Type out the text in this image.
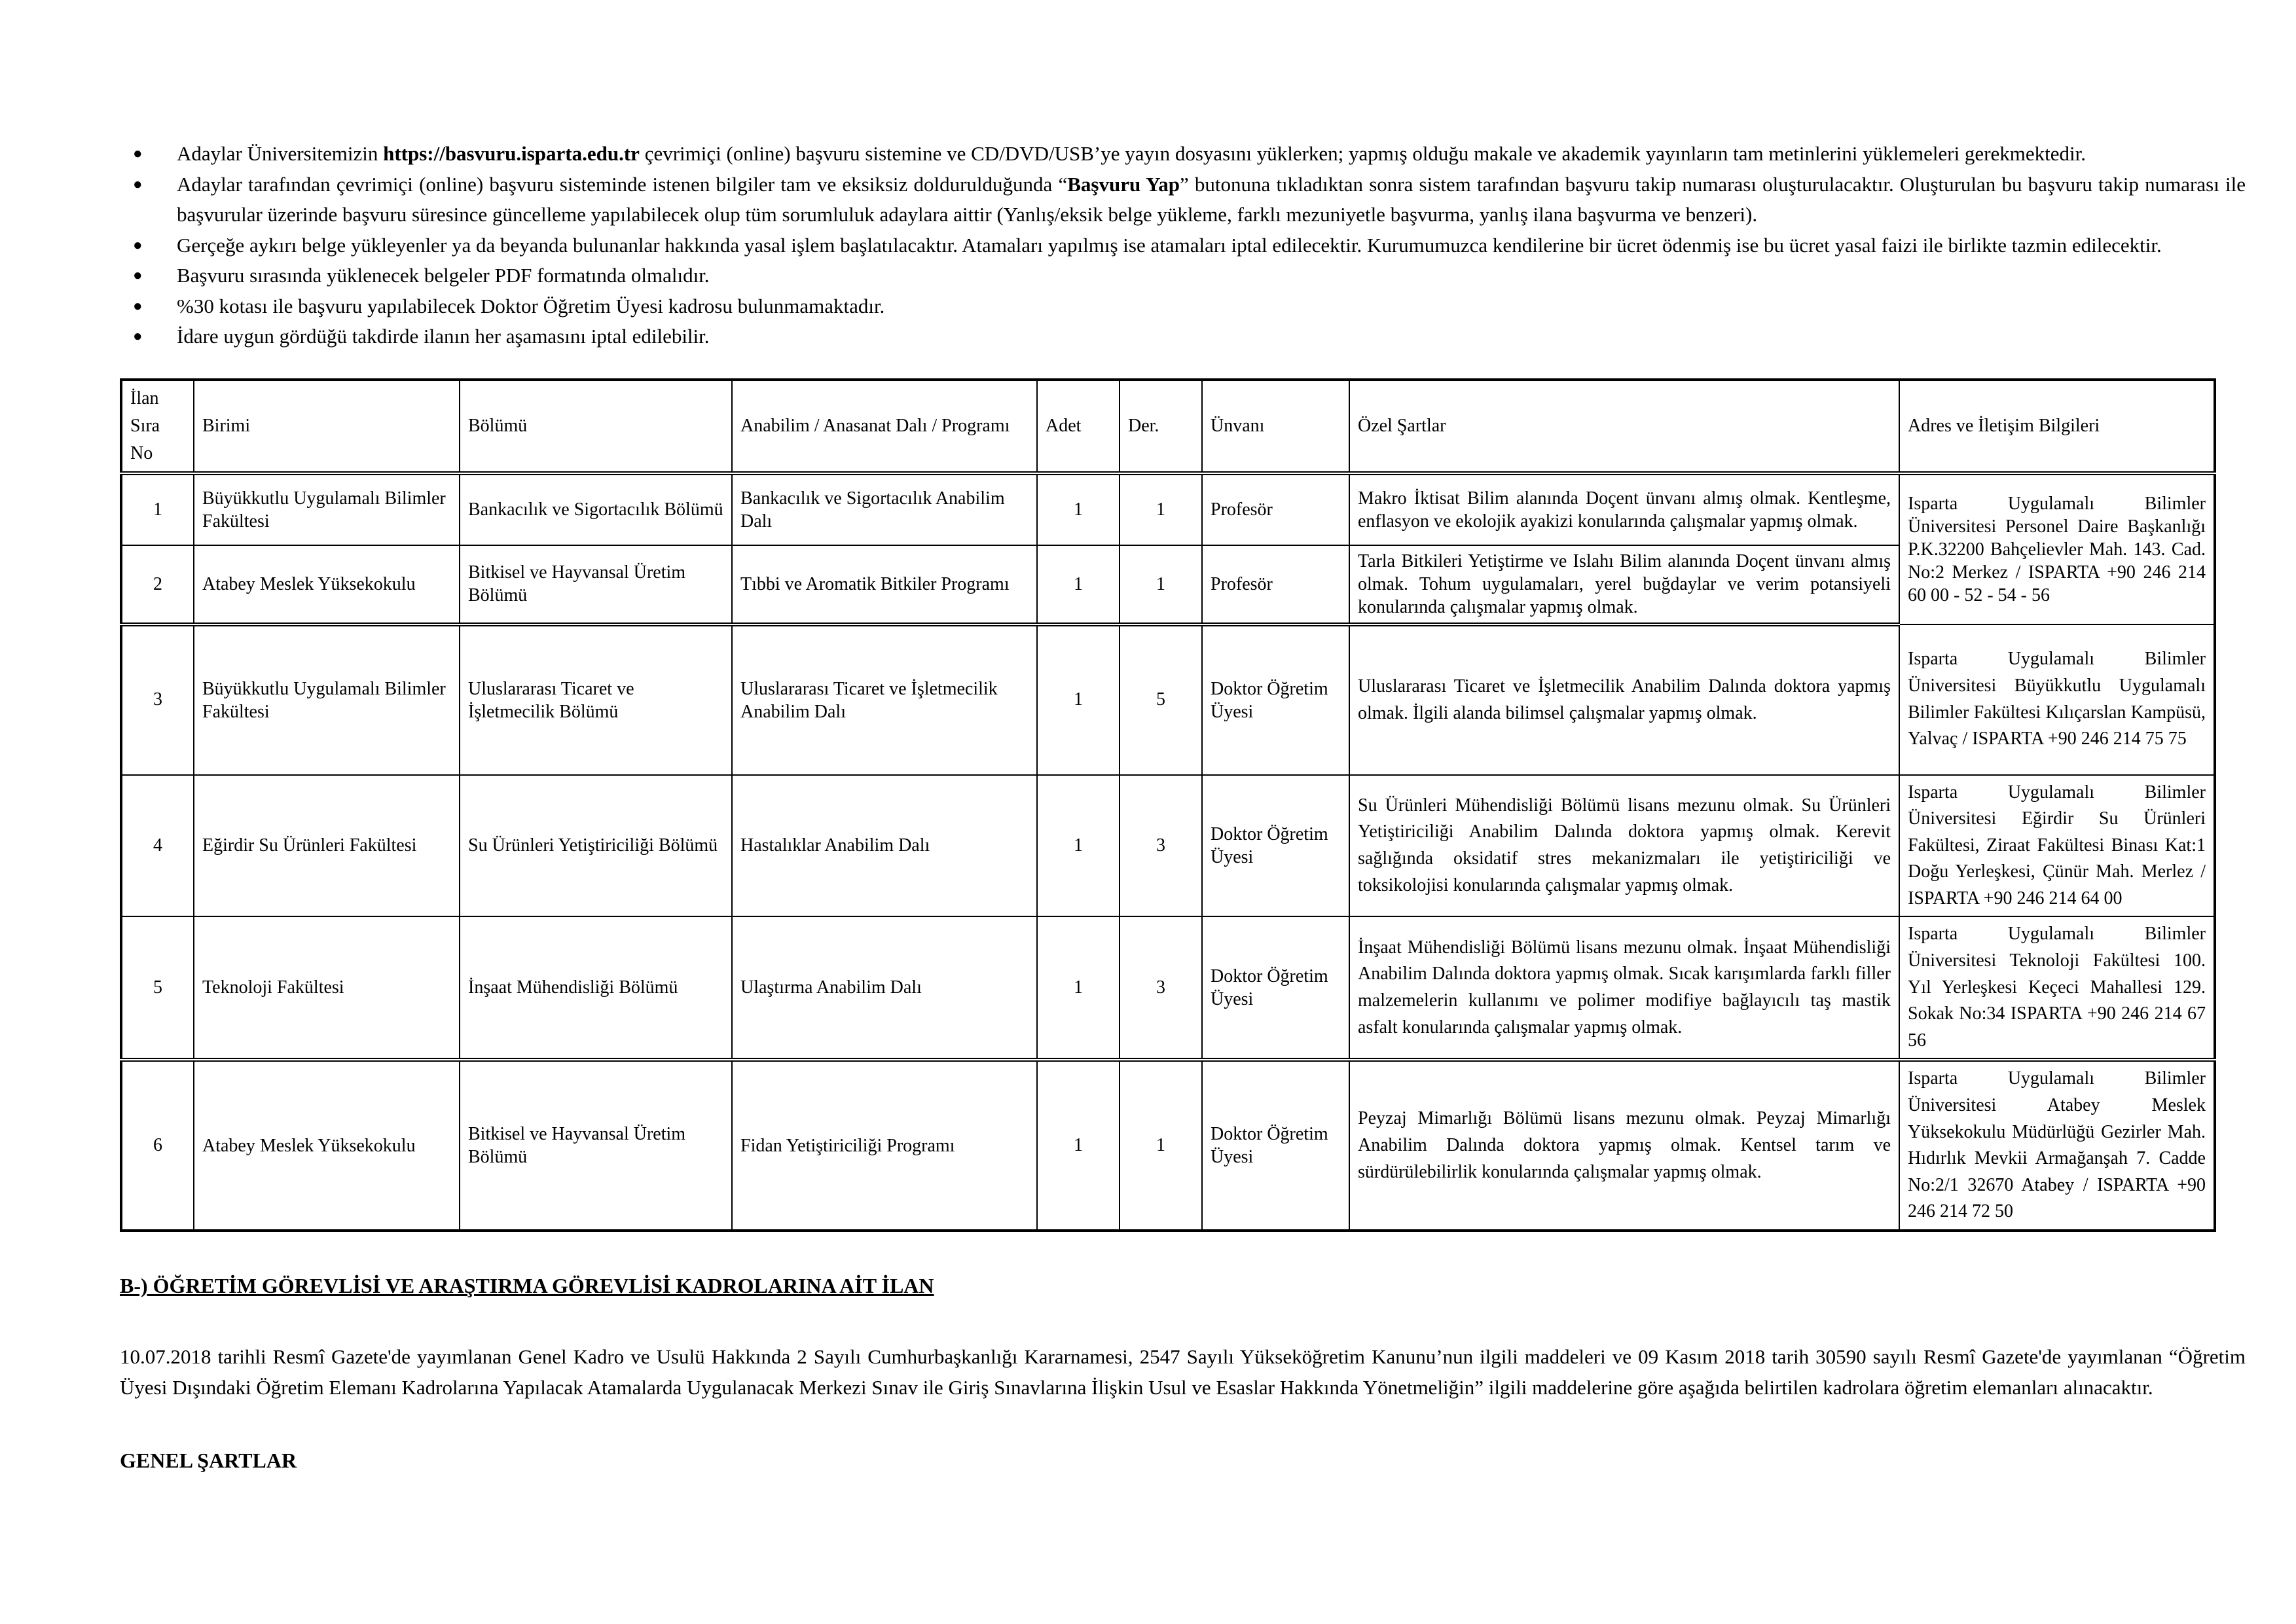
●	Adaylar Üniversitemizin https://basvuru.isparta.edu.tr çevrimiçi (online) başvuru sistemine ve CD/DVD/USB’ye yayın dosyasını yüklerken; yapmış olduğu makale ve akademik yayınların tam metinlerini yüklemeleri gerekmektedir.
●	Adaylar tarafından çevrimiçi (online) başvuru sisteminde istenen bilgiler tam ve eksiksiz doldurulduğunda “Başvuru Yap” butonuna tıkladıktan sonra sistem tarafından başvuru takip numarası oluşturulacaktır. Oluşturulan bu başvuru takip numarası ile başvurular üzerinde başvuru süresince güncelleme yapılabilecek olup tüm sorumluluk adaylara aittir (Yanlış/eksik belge yükleme, farklı mezuniyetle başvurma, yanlış ilana başvurma ve benzeri).
●	Gerçeğe aykırı belge yükleyenler ya da beyanda bulunanlar hakkında yasal işlem başlatılacaktır. Atamaları yapılmış ise atamaları iptal edilecektir. Kurumumuzca kendilerine bir ücret ödenmiş ise bu ücret yasal faizi ile birlikte tazmin edilecektir.
●	Başvuru sırasında yüklenecek belgeler PDF formatında olmalıdır.
●	%30 kotası ile başvuru yapılabilecek Doktor Öğretim Üyesi kadrosu bulunmamaktadır.
●	İdare uygun gördüğü takdirde ilanın her aşamasını iptal edilebilir.
İlan Sıra No	Birimi	Bölümü	Anabilim / Anasanat Dalı / Programı	Adet	Der.	Ünvanı	Özel Şartlar	Adres ve İletişim Bilgileri
1	Büyükkutlu Uygulamalı Bilimler Fakültesi	Bankacılık ve Sigortacılık Bölümü	Bankacılık ve Sigortacılık Anabilim Dalı	1	1	Profesör	Makro İktisat Bilim alanında Doçent ünvanı almış olmak. Kentleşme, enflasyon ve ekolojik ayakizi konularında çalışmalar yapmış olmak.	Isparta Uygulamalı Bilimler Üniversitesi Personel Daire Başkanlığı P.K.32200 Bahçelievler Mah. 143. Cad. No:2 Merkez / ISPARTA +90 246 214 60 00 - 52 - 54 - 56
2	Atabey Meslek Yüksekokulu	Bitkisel ve Hayvansal Üretim Bölümü	Tıbbi ve Aromatik Bitkiler Programı	1	1	Profesör	Tarla Bitkileri Yetiştirme ve Islahı Bilim alanında Doçent ünvanı almış olmak. Tohum uygulamaları, yerel buğdaylar ve verim potansiyeli konularında çalışmalar yapmış olmak.	
3	Büyükkutlu Uygulamalı Bilimler Fakültesi	Uluslararası Ticaret ve İşletmecilik Bölümü	Uluslararası Ticaret ve İşletmecilik Anabilim Dalı	1	5	Doktor Öğretim Üyesi	Uluslararası Ticaret ve İşletmecilik Anabilim Dalında doktora yapmış olmak. İlgili alanda bilimsel çalışmalar yapmış olmak.	Isparta Uygulamalı Bilimler Üniversitesi Büyükkutlu Uygulamalı Bilimler Fakültesi Kılıçarslan Kampüsü, Yalvaç / ISPARTA +90 246 214 75 75
4	Eğirdir Su Ürünleri Fakültesi	Su Ürünleri Yetiştiriciliği Bölümü	Hastalıklar Anabilim Dalı	1	3	Doktor Öğretim Üyesi	Su Ürünleri Mühendisliği Bölümü lisans mezunu olmak. Su Ürünleri Yetiştiriciliği Anabilim Dalında doktora yapmış olmak. Kerevit sağlığında oksidatif stres mekanizmaları ile yetiştiriciliği ve toksikolojisi konularında çalışmalar yapmış olmak.	Isparta Uygulamalı Bilimler Üniversitesi Eğirdir Su Ürünleri Fakültesi, Ziraat Fakültesi Binası Kat:1 Doğu Yerleşkesi, Çünür Mah. Merlez / ISPARTA +90 246 214 64 00
5	Teknoloji Fakültesi	İnşaat Mühendisliği Bölümü	Ulaştırma Anabilim Dalı	1	3	Doktor Öğretim Üyesi	İnşaat Mühendisliği Bölümü lisans mezunu olmak. İnşaat Mühendisliği Anabilim Dalında doktora yapmış olmak. Sıcak karışımlarda farklı filler malzemelerin kullanımı ve polimer modifiye bağlayıcılı taş mastik asfalt konularında çalışmalar yapmış olmak.	Isparta Uygulamalı Bilimler Üniversitesi Teknoloji Fakültesi 100. Yıl Yerleşkesi Keçeci Mahallesi 129. Sokak No:34 ISPARTA +90 246 214 67 56
6	Atabey Meslek Yüksekokulu	Bitkisel ve Hayvansal Üretim Bölümü	Fidan Yetiştiriciliği Programı	1	1	Doktor Öğretim Üyesi	Peyzaj Mimarlığı Bölümü lisans mezunu olmak. Peyzaj Mimarlığı Anabilim Dalında doktora yapmış olmak. Kentsel tarım ve sürdürülebilirlik konularında çalışmalar yapmış olmak.	Isparta Uygulamalı Bilimler Üniversitesi Atabey Meslek Yüksekokulu Müdürlüğü Gezirler Mah. Hıdırlık Mevkii Armağanşah 7. Cadde No:2/1 32670 Atabey / ISPARTA +90 246 214 72 50
B-) ÖĞRETİM GÖREVLİSİ VE ARAŞTIRMA GÖREVLİSİ KADROLARINA AİT İLAN
10.07.2018 tarihli Resmî Gazete'de yayımlanan Genel Kadro ve Usulü Hakkında 2 Sayılı Cumhurbaşkanlığı Kararnamesi, 2547 Sayılı Yükseköğretim Kanunu’nun ilgili maddeleri ve 09 Kasım 2018 tarih 30590 sayılı Resmî Gazete'de yayımlanan “Öğretim Üyesi Dışındaki Öğretim Elemanı Kadrolarına Yapılacak Atamalarda Uygulanacak Merkezi Sınav ile Giriş Sınavlarına İlişkin Usul ve Esaslar Hakkında Yönetmeliğin” ilgili maddelerine göre aşağıda belirtilen kadrolara öğretim elemanları alınacaktır.
GENEL ŞARTLAR
